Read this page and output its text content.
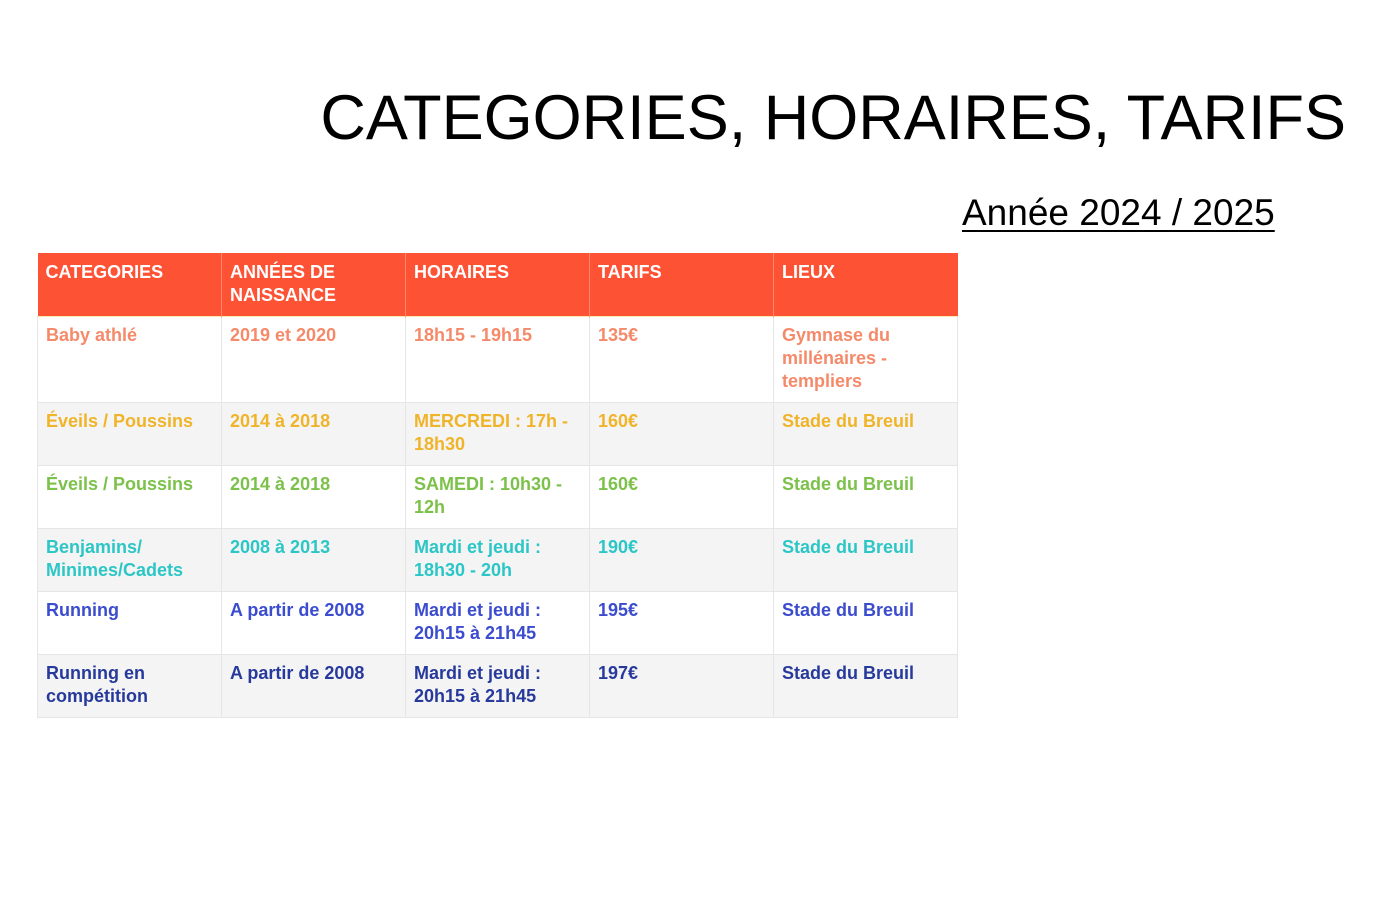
CATEGORIES, HORAIRES, TARIFS
Année 2024 / 2025
CATEGORIES	ANNÉES DE NAISSANCE	HORAIRES	TARIFS	LIEUX
Baby athlé	2019 et 2020	18h15 - 19h15	135€	Gymnase du millénaires - templiers
Éveils / Poussins	2014 à 2018	MERCREDI : 17h - 18h30	160€	Stade du Breuil
Éveils / Poussins	2014 à 2018	SAMEDI : 10h30 - 12h	160€	Stade du Breuil
Benjamins/ Minimes/Cadets	2008 à 2013	Mardi et jeudi : 18h30 - 20h	190€	Stade du Breuil
Running	A partir de 2008	Mardi et jeudi : 20h15 à 21h45	195€	Stade du Breuil
Running en compétition	A partir de 2008	Mardi et jeudi : 20h15 à 21h45	197€	Stade du Breuil
